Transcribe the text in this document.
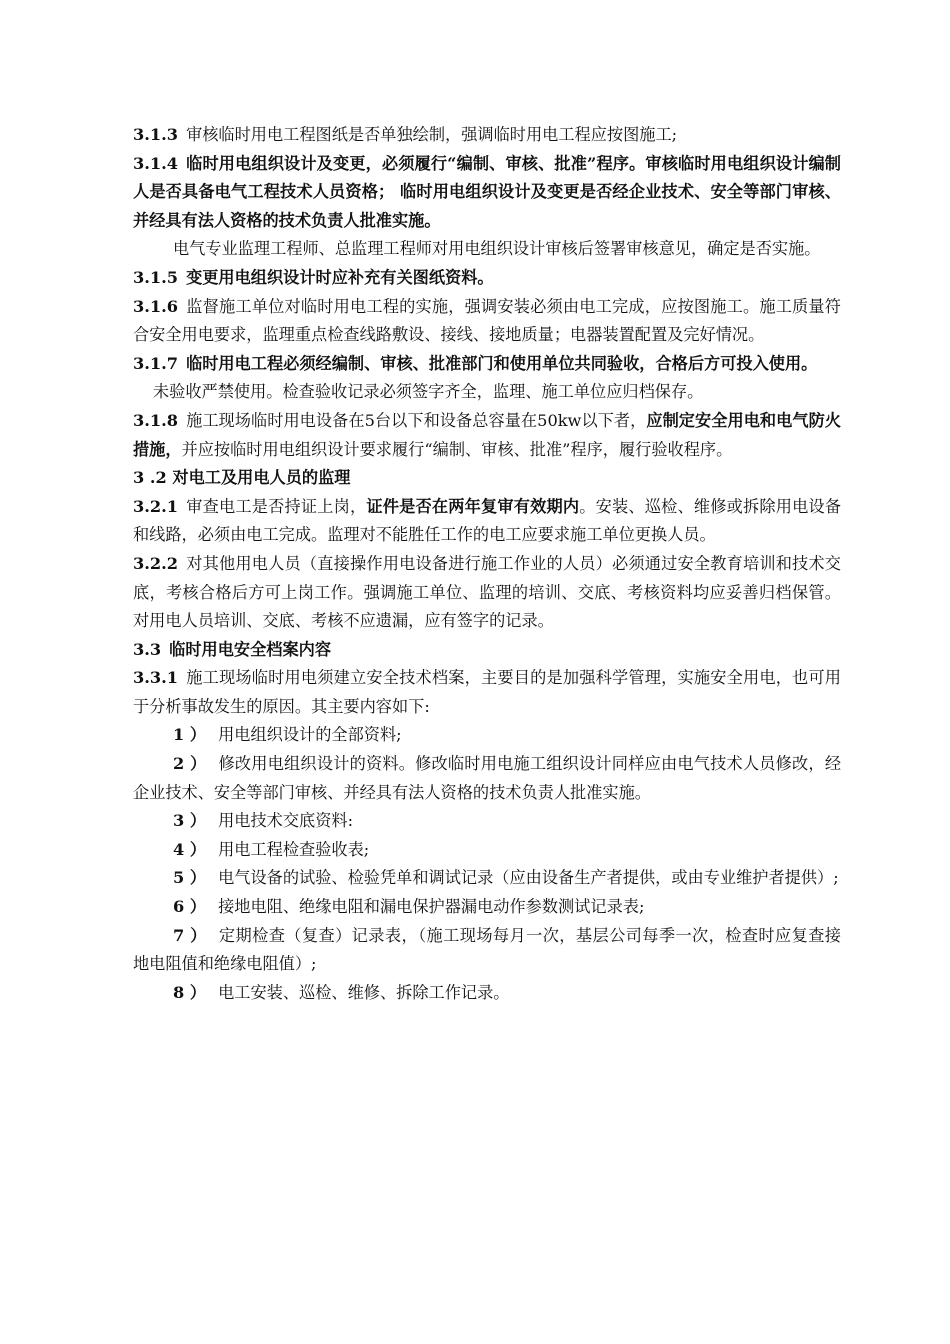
3.1.3 审核临时用电工程图纸是否单独绘制，强调临时用电工程应按图施工;

3.1.4 临时用电组织设计及变更，必须履行“编制、审核、批准”程序。审核临时用电组织设计编制人是否具备电气工程技术人员资格； 临时用电组织设计及变更是否经企业技术、安全等部门审核、并经具有法人资格的技术负责人批准实施。

电气专业监理工程师、总监理工程师对用电组织设计审核后签署审核意见，确定是否实施。

3.1.5 变更用电组织设计时应补充有关图纸资料。

3.1.6 监督施工单位对临时用电工程的实施，强调安装必须由电工完成，应按图施工。施工质量符合安全用电要求，监理重点检查线路敷设、接线、接地质量；电器装置配置及完好情况。

3.1.7 临时用电工程必须经编制、审核、批准部门和使用单位共同验收，合格后方可投入使用。

未验收严禁使用。检查验收记录必须签字齐全，监理、施工单位应归档保存。

3.1.8 施工现场临时用电设备在5台以下和设备总容量在50kw以下者，应制定安全用电和电气防火措施，并应按临时用电组织设计要求履行“编制、审核、批准”程序，履行验收程序。

3 .2 对电工及用电人员的监理

3.2.1 审查电工是否持证上岗，证件是否在两年复审有效期内。安装、巡检、维修或拆除用电设备和线路，必须由电工完成。监理对不能胜任工作的电工应要求施工单位更换人员。

3.2.2 对其他用电人员（直接操作用电设备进行施工作业的人员）必须通过安全教育培训和技术交底，考核合格后方可上岗工作。强调施工单位、监理的培训、交底、考核资料均应妥善归档保管。对用电人员培训、交底、考核不应遗漏，应有签字的记录。

3.3 临时用电安全档案内容

3.3.1 施工现场临时用电须建立安全技术档案，主要目的是加强科学管理，实施安全用电，也可用于分析事故发生的原因。其主要内容如下:

1 ） 用电组织设计的全部资料;

2 ） 修改用电组织设计的资料。修改临时用电施工组织设计同样应由电气技术人员修改，经企业技术、安全等部门审核、并经具有法人资格的技术负责人批准实施。

3 ） 用电技术交底资料:

4 ） 用电工程检查验收表;

5 ） 电气设备的试验、检验凭单和调试记录（应由设备生产者提供，或由专业维护者提供）;

6 ） 接地电阻、绝缘电阻和漏电保护器漏电动作参数测试记录表;

7 ） 定期检查（复查）记录表，（施工现场每月一次，基层公司每季一次，检查时应复查接地电阻值和绝缘电阻值）;

8 ） 电工安装、巡检、维修、拆除工作记录。
